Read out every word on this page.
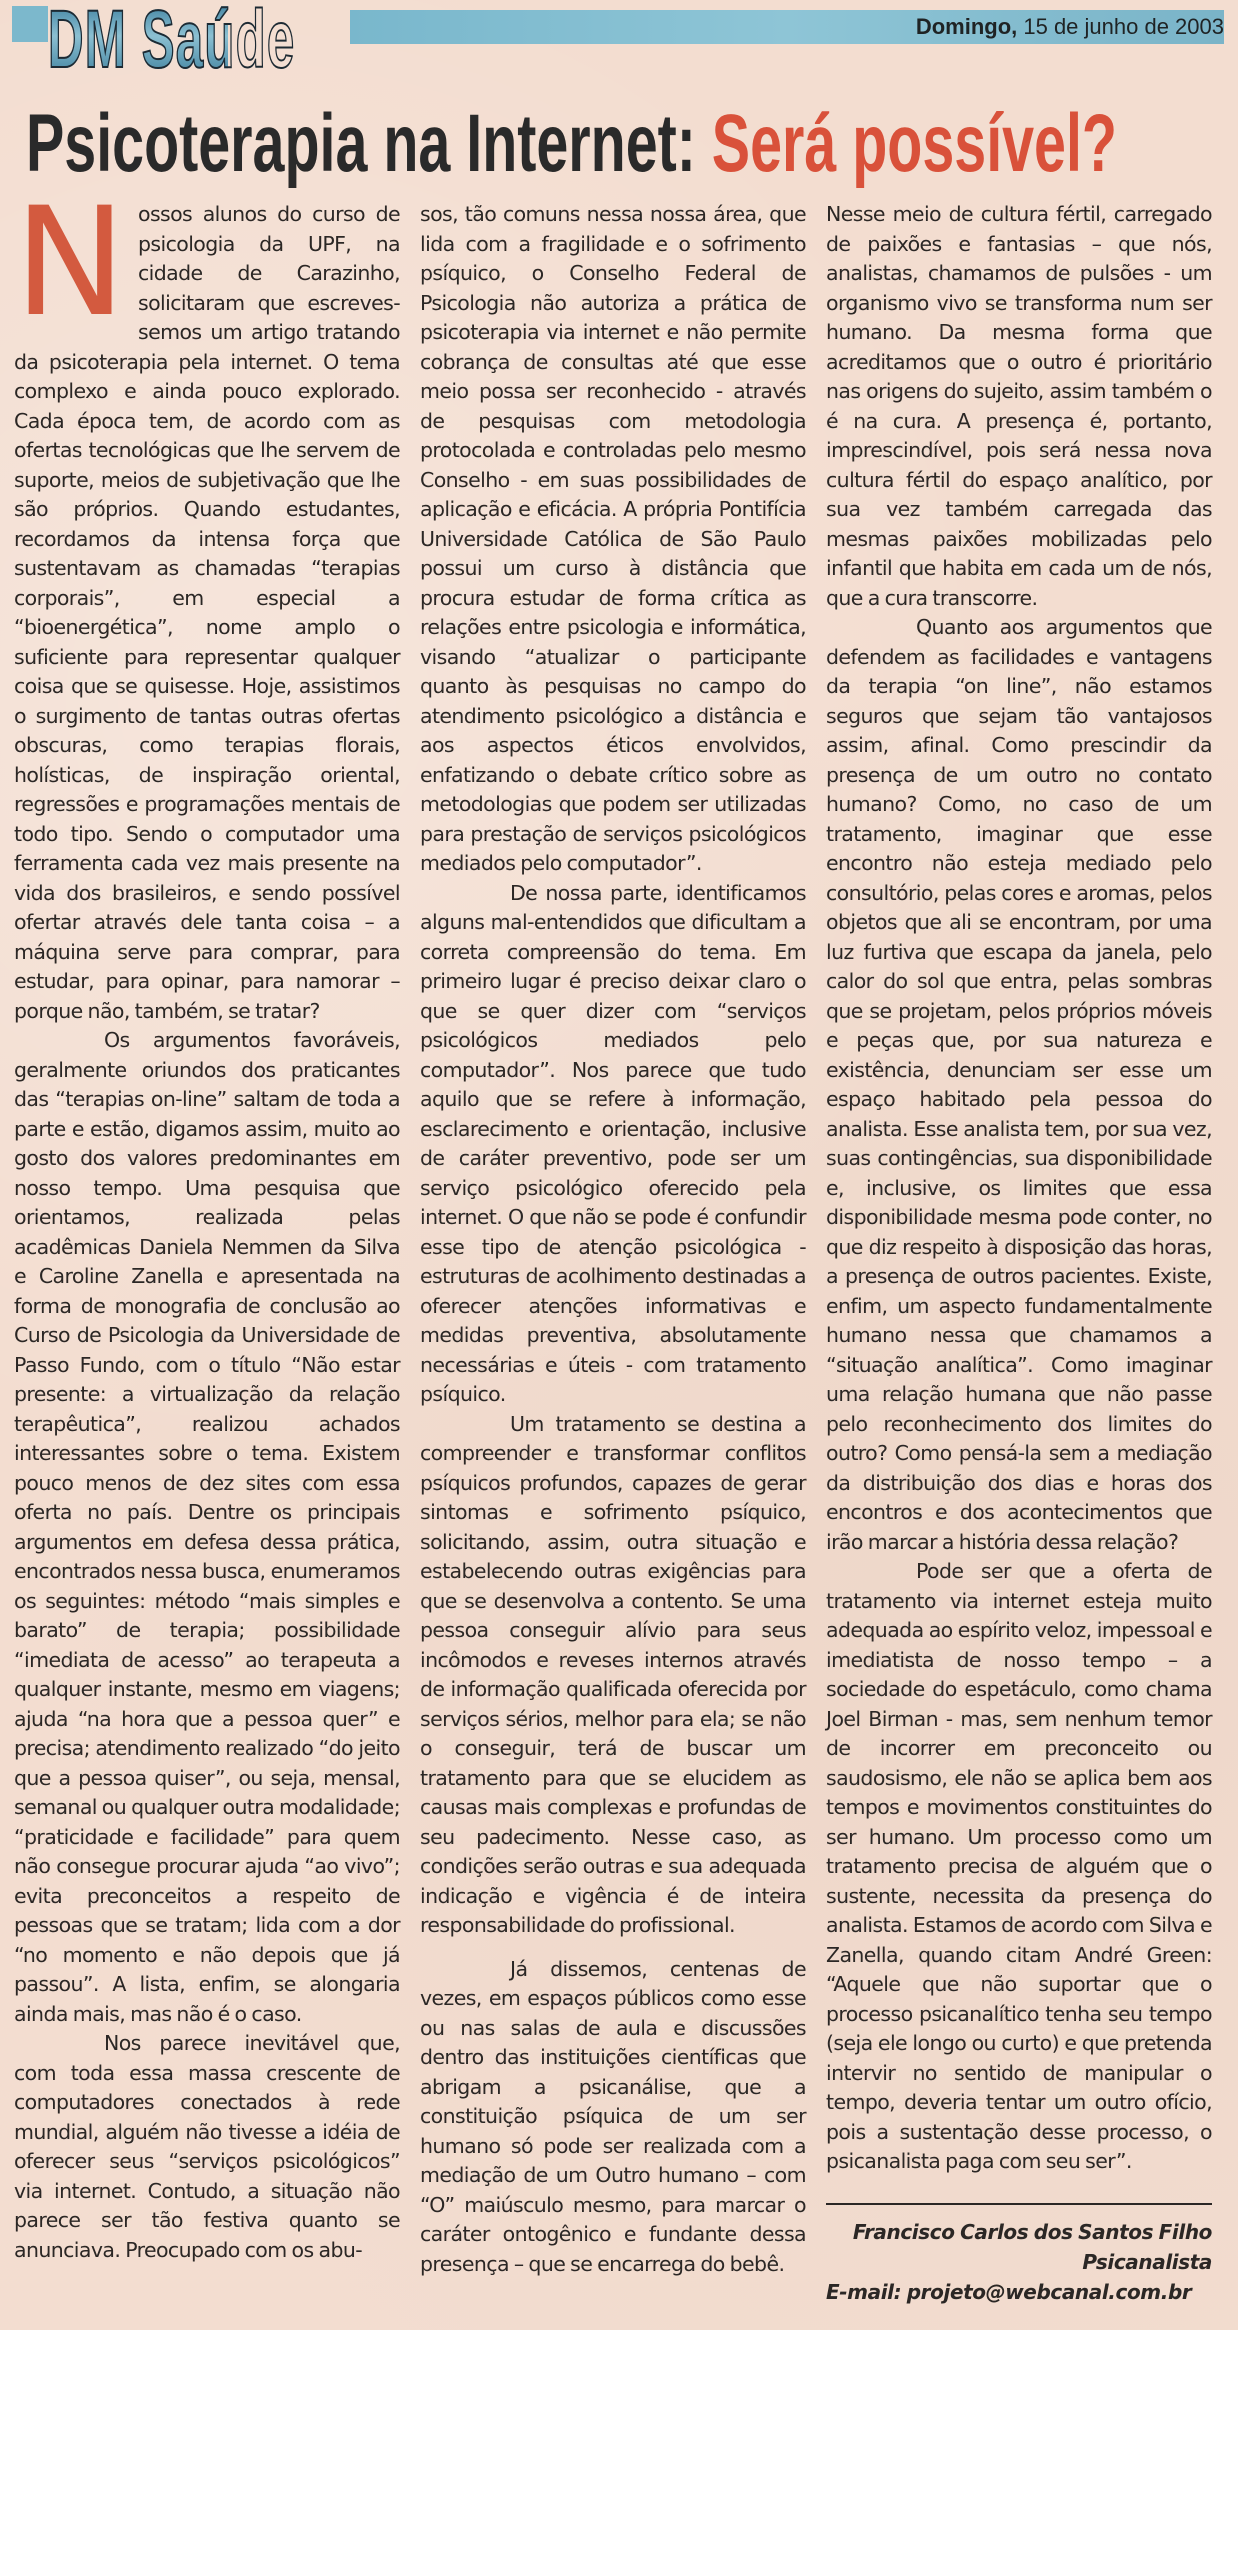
DM Saúde	Domingo, 15 de junho de 2003
Psicoterapia na Internet: Será possível?
N ossos alunos do curso de psicologia da UPF, na cidade de Carazinho, solicitaram que escreves-semos um artigo tratando da psicoterapia pela internet. O tema complexo e ainda pouco explorado. Cada época tem, de acordo com as ofertas tecnológicas que lhe servem de suporte, meios de subjetivação que lhe são próprios. Quando estudantes, recordamos da intensa força que sustentavam as chamadas “terapias corporais”, em especial a “bioenergética”, nome amplo o suficiente para representar qualquer coisa que se quisesse. Hoje, assistimos o surgimento de tantas outras ofertas obscuras, como terapias florais, holísticas, de inspiração oriental, regressões e programações mentais de todo tipo. Sendo o computador uma ferramenta cada vez mais presente na vida dos brasileiros, e sendo possível ofertar através dele tanta coisa – a máquina serve para comprar, para estudar, para opinar, para namorar – porque não, também, se tratar?

Os argumentos favoráveis, geralmente oriundos dos praticantes das “terapias on-line” saltam de toda a parte e estão, digamos assim, muito ao gosto dos valores predominantes em nosso tempo. Uma pesquisa que orientamos, realizada pelas acadêmicas Daniela Nemmen da Silva e Caroline Zanella e apresentada na forma de monografia de conclusão ao Curso de Psicologia da Universidade de Passo Fundo, com o título “Não estar presente: a virtualização da relação terapêutica”, realizou achados interessantes sobre o tema. Existem pouco menos de dez sites com essa oferta no país. Dentre os principais argumentos em defesa dessa prática, encontrados nessa busca, enumeramos os seguintes: método “mais simples e barato” de terapia; possibilidade “imediata de acesso” ao terapeuta a qualquer instante, mesmo em viagens; ajuda “na hora que a pessoa quer” e precisa; atendimento realizado “do jeito que a pessoa quiser”, ou seja, mensal, semanal ou qualquer outra modalidade; “praticidade e facilidade” para quem não consegue procurar ajuda “ao vivo”; evita preconceitos a respeito de pessoas que se tratam; lida com a dor “no momento e não depois que já passou”. A lista, enfim, se alongaria ainda mais, mas não é o caso.

Nos parece inevitável que, com toda essa massa crescente de computadores conectados à rede mundial, alguém não tivesse a idéia de oferecer seus “serviços psicológicos” via internet. Contudo, a situação não parece ser tão festiva quanto se anunciava. Preocupado com os abu-

sos, tão comuns nessa nossa área, que lida com a fragilidade e o sofrimento psíquico, o Conselho Federal de Psicologia não autoriza a prática de psicoterapia via internet e não permite cobrança de consultas até que esse meio possa ser reconhecido - através de pesquisas com metodologia protocolada e controladas pelo mesmo Conselho - em suas possibilidades de aplicação e eficácia. A própria Pontifícia Universidade Católica de São Paulo possui um curso à distância que procura estudar de forma crítica as relações entre psicologia e informática, visando “atualizar o participante quanto às pesquisas no campo do atendimento psicológico a distância e aos aspectos éticos envolvidos, enfatizando o debate crítico sobre as metodologias que podem ser utilizadas para prestação de serviços psicológicos mediados pelo computador”.

De nossa parte, identificamos alguns mal-entendidos que dificultam a correta compreensão do tema. Em primeiro lugar é preciso deixar claro o que se quer dizer com “serviços psicológicos mediados pelo computador”. Nos parece que tudo aquilo que se refere à informação, esclarecimento e orientação, inclusive de caráter preventivo, pode ser um serviço psicológico oferecido pela internet. O que não se pode é confundir esse tipo de atenção psicológica - estruturas de acolhimento destinadas a oferecer atenções informativas e medidas preventiva, absolutamente necessárias e úteis - com tratamento psíquico.

Um tratamento se destina a compreender e transformar conflitos psíquicos profundos, capazes de gerar sintomas e sofrimento psíquico, solicitando, assim, outra situação e estabelecendo outras exigências para que se desenvolva a contento. Se uma pessoa conseguir alívio para seus incômodos e reveses internos através de informação qualificada oferecida por serviços sérios, melhor para ela; se não o conseguir, terá de buscar um tratamento para que se elucidem as causas mais complexas e profundas de seu padecimento. Nesse caso, as condições serão outras e sua adequada indicação e vigência é de inteira responsabilidade do profissional.

Já dissemos, centenas de vezes, em espaços públicos como esse ou nas salas de aula e discussões dentro das instituições científicas que abrigam a psicanálise, que a constituição psíquica de um ser humano só pode ser realizada com a mediação de um Outro humano – com “O” maiúsculo mesmo, para marcar o caráter ontogênico e fundante dessa presença – que se encarrega do bebê.

Nesse meio de cultura fértil, carregado de paixões e fantasias – que nós, analistas, chamamos de pulsões - um organismo vivo se transforma num ser humano. Da mesma forma que acreditamos que o outro é prioritário nas origens do sujeito, assim também o é na cura. A presença é, portanto, imprescindível, pois será nessa nova cultura fértil do espaço analítico, por sua vez também carregada das mesmas paixões mobilizadas pelo infantil que habita em cada um de nós, que a cura transcorre.

Quanto aos argumentos que defendem as facilidades e vantagens da terapia “on line”, não estamos seguros que sejam tão vantajosos assim, afinal. Como prescindir da presença de um outro no contato humano? Como, no caso de um tratamento, imaginar que esse encontro não esteja mediado pelo consultório, pelas cores e aromas, pelos objetos que ali se encontram, por uma luz furtiva que escapa da janela, pelo calor do sol que entra, pelas sombras que se projetam, pelos próprios móveis e peças que, por sua natureza e existência, denunciam ser esse um espaço habitado pela pessoa do analista. Esse analista tem, por sua vez, suas contingências, sua disponibilidade e, inclusive, os limites que essa disponibilidade mesma pode conter, no que diz respeito à disposição das horas, a presença de outros pacientes. Existe, enfim, um aspecto fundamentalmente humano nessa que chamamos a “situação analítica”. Como imaginar uma relação humana que não passe pelo reconhecimento dos limites do outro? Como pensá-la sem a mediação da distribuição dos dias e horas dos encontros e dos acontecimentos que irão marcar a história dessa relação?

Pode ser que a oferta de tratamento via internet esteja muito adequada ao espírito veloz, impessoal e imediatista de nosso tempo – a sociedade do espetáculo, como chama Joel Birman - mas, sem nenhum temor de incorrer em preconceito ou saudosismo, ele não se aplica bem aos tempos e movimentos constituintes do ser humano. Um processo como um tratamento precisa de alguém que o sustente, necessita da presença do analista. Estamos de acordo com Silva e Zanella, quando citam André Green: “Aquele que não suportar que o processo psicanalítico tenha seu tempo (seja ele longo ou curto) e que pretenda intervir no sentido de manipular o tempo, deveria tentar um outro ofício, pois a sustentação desse processo, o psicanalista paga com seu ser”.

Francisco Carlos dos Santos Filho
Psicanalista
E-mail: projeto@webcanal.com.br
